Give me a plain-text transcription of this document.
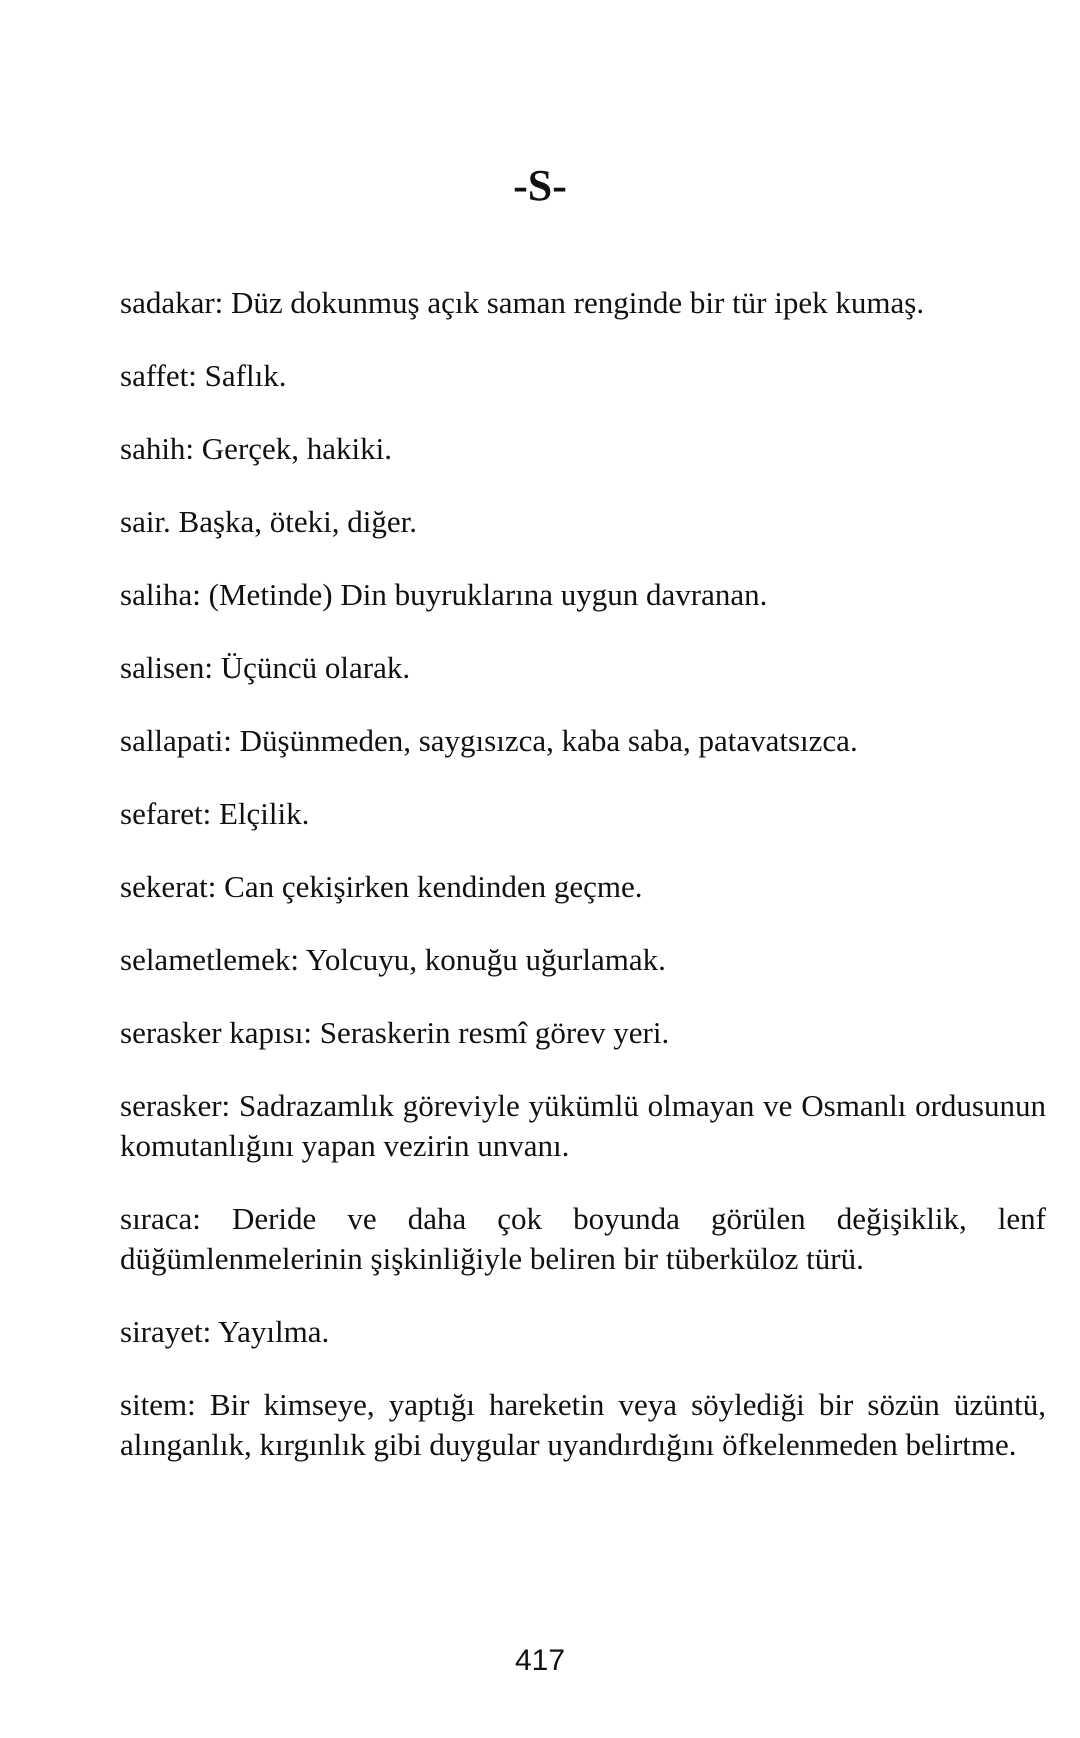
-S-
sadakar: Düz dokunmuş açık saman renginde bir tür ipek kumaş.
saffet: Saflık.
sahih: Gerçek, hakiki.
sair. Başka, öteki, diğer.
saliha: (Metinde) Din buyruklarına uygun davranan.
salisen: Üçüncü olarak.
sallapati: Düşünmeden, saygısızca, kaba saba, patavatsızca.
sefaret: Elçilik.
sekerat: Can çekişirken kendinden geçme.
selametlemek: Yolcuyu, konuğu uğurlamak.
serasker kapısı: Seraskerin resmî görev yeri.
serasker: Sadrazamlık göreviyle yükümlü olmayan ve Osmanlı ordusunun komutanlığını yapan vezirin unvanı.
sıraca: Deride ve daha çok boyunda görülen değişiklik, lenf düğümlenmelerinin şişkinliğiyle beliren bir tüberküloz türü.
sirayet: Yayılma.
sitem: Bir kimseye, yaptığı hareketin veya söylediği bir sözün üzüntü, alınganlık, kırgınlık gibi duygular uyandırdığını öfkelenmeden belirtme.
417
